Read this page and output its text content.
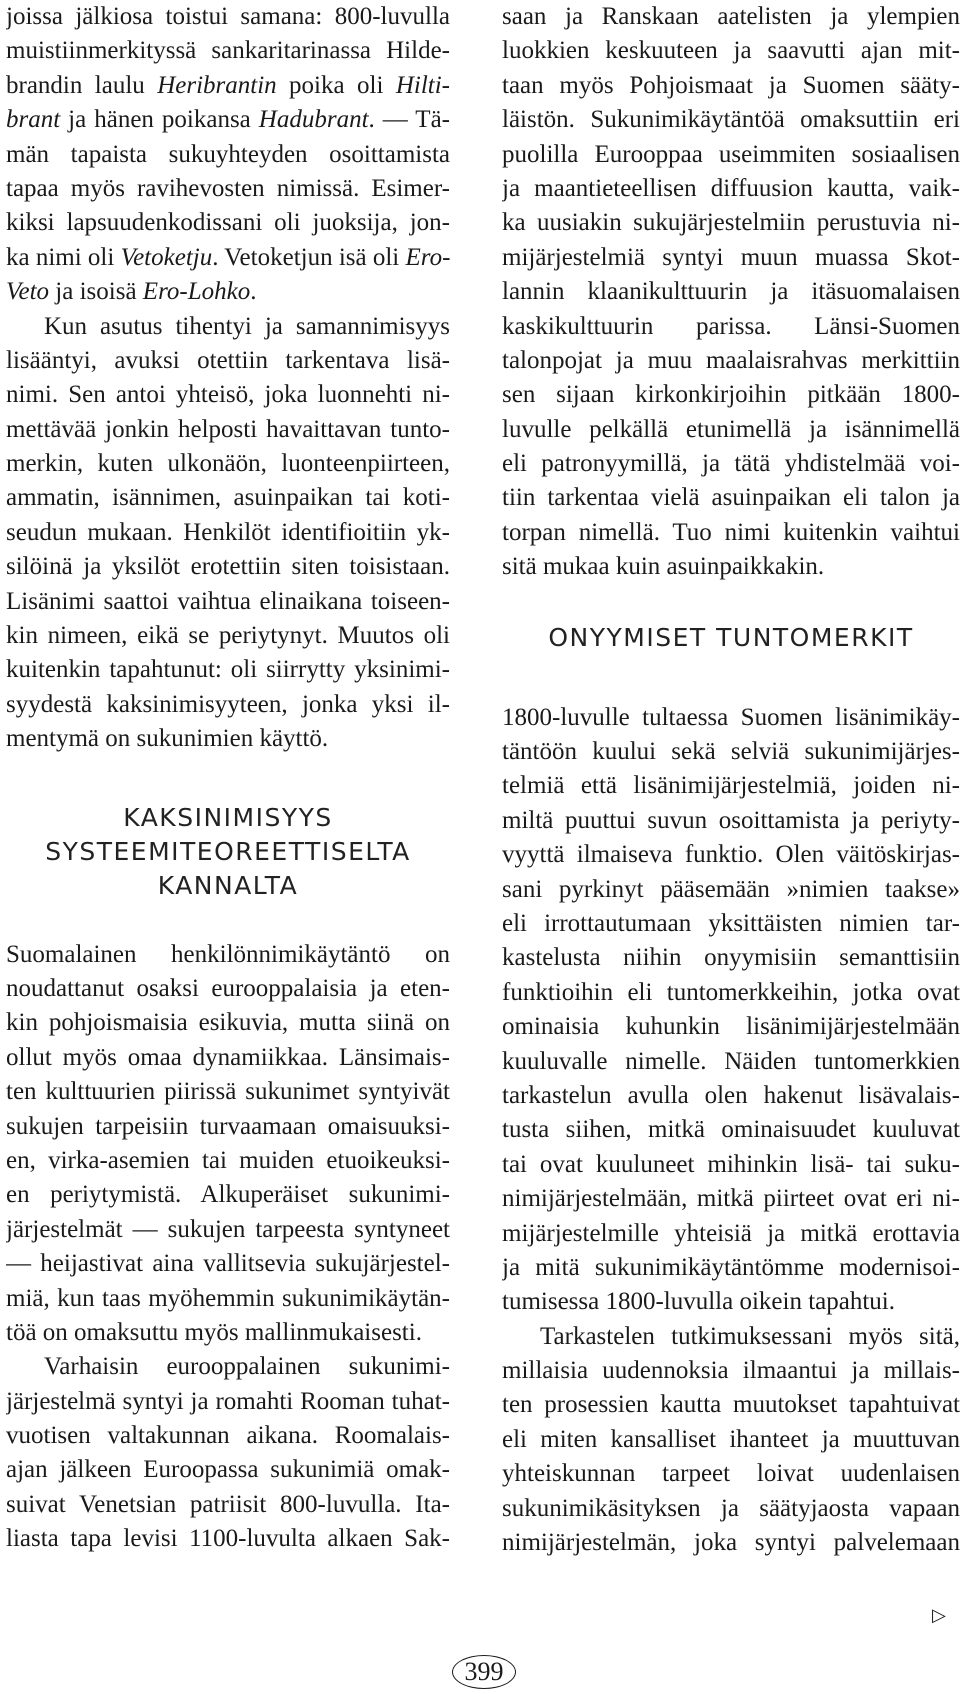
joissa jälkiosa toistui samana: 800-luvulla
muistiinmerkityssä sankaritarinassa Hilde-
brandin laulu Heribrantin poika oli Hilti-
brant ja hänen poikansa Hadubrant. — Tä-
män tapaista sukuyhteyden osoittamista
tapaa myös ravihevosten nimissä. Esimer-
kiksi lapsuudenkodissani oli juoksija, jon-
ka nimi oli Vetoketju. Vetoketjun isä oli Ero-
Veto ja isoisä Ero-Lohko.
Kun asutus tihentyi ja samannimisyys
lisääntyi, avuksi otettiin tarkentava lisä-
nimi. Sen antoi yhteisö, joka luonnehti ni-
mettävää jonkin helposti havaittavan tunto-
merkin, kuten ulkonäön, luonteenpiirteen,
ammatin, isännimen, asuinpaikan tai koti-
seudun mukaan. Henkilöt identifioitiin yk-
silöinä ja yksilöt erotettiin siten toisistaan.
Lisänimi saattoi vaihtua elinaikana toiseen-
kin nimeen, eikä se periytynyt. Muutos oli
kuitenkin tapahtunut: oli siirrytty yksinimi-
syydestä kaksinimisyyteen, jonka yksi il-
mentymä on sukunimien käyttö.
KAKSINIMISYYS
SYSTEEMITEOREETTISELTA
KANNALTA
Suomalainen henkilönnimikäytäntö on
noudattanut osaksi eurooppalaisia ja eten-
kin pohjoismaisia esikuvia, mutta siinä on
ollut myös omaa dynamiikkaa. Länsimais-
ten kulttuurien piirissä sukunimet syntyivät
sukujen tarpeisiin turvaamaan omaisuuksi-
en, virka-asemien tai muiden etuoikeuksi-
en periytymistä. Alkuperäiset sukunimi-
järjestelmät — sukujen tarpeesta syntyneet
— heijastivat aina vallitsevia sukujärjestel-
miä, kun taas myöhemmin sukunimikäytän-
töä on omaksuttu myös mallinmukaisesti.
Varhaisin eurooppalainen sukunimi-
järjestelmä syntyi ja romahti Rooman tuhat-
vuotisen valtakunnan aikana. Roomalais-
ajan jälkeen Euroopassa sukunimiä omak-
suivat Venetsian patriisit 800-luvulla. Ita-
liasta tapa levisi 1100-luvulta alkaen Sak-
saan ja Ranskaan aatelisten ja ylempien
luokkien keskuuteen ja saavutti ajan mit-
taan myös Pohjoismaat ja Suomen sääty-
läistön. Sukunimikäytäntöä omaksuttiin eri
puolilla Eurooppaa useimmiten sosiaalisen
ja maantieteellisen diffuusion kautta, vaik-
ka uusiakin sukujärjestelmiin perustuvia ni-
mijärjestelmiä syntyi muun muassa Skot-
lannin klaanikulttuurin ja itäsuomalaisen
kaskikulttuurin parissa. Länsi-Suomen
talonpojat ja muu maalaisrahvas merkittiin
sen sijaan kirkonkirjoihin pitkään 1800-
luvulle pelkällä etunimellä ja isännimellä
eli patronyymillä, ja tätä yhdistelmää voi-
tiin tarkentaa vielä asuinpaikan eli talon ja
torpan nimellä. Tuo nimi kuitenkin vaihtui
sitä mukaa kuin asuinpaikkakin.
ONYYMISET TUNTOMERKIT
1800-luvulle tultaessa Suomen lisänimikäy-
täntöön kuului sekä selviä sukunimijärjes-
telmiä että lisänimijärjestelmiä, joiden ni-
miltä puuttui suvun osoittamista ja periyty-
vyyttä ilmaiseva funktio. Olen väitöskirjas-
sani pyrkinyt pääsemään »nimien taakse»
eli irrottautumaan yksittäisten nimien tar-
kastelusta niihin onyymisiin semanttisiin
funktioihin eli tuntomerkkeihin, jotka ovat
ominaisia kuhunkin lisänimijärjestelmään
kuuluvalle nimelle. Näiden tuntomerkkien
tarkastelun avulla olen hakenut lisävalais-
tusta siihen, mitkä ominaisuudet kuuluvat
tai ovat kuuluneet mihinkin lisä- tai suku-
nimijärjestelmään, mitkä piirteet ovat eri ni-
mijärjestelmille yhteisiä ja mitkä erottavia
ja mitä sukunimikäytäntömme modernisoi-
tumisessa 1800-luvulla oikein tapahtui.
Tarkastelen tutkimuksessani myös sitä,
millaisia uudennoksia ilmaantui ja millais-
ten prosessien kautta muutokset tapahtuivat
eli miten kansalliset ihanteet ja muuttuvan
yhteiskunnan tarpeet loivat uudenlaisen
sukunimikäsityksen ja säätyjaosta vapaan
nimijärjestelmän, joka syntyi palvelemaan
▷
399
